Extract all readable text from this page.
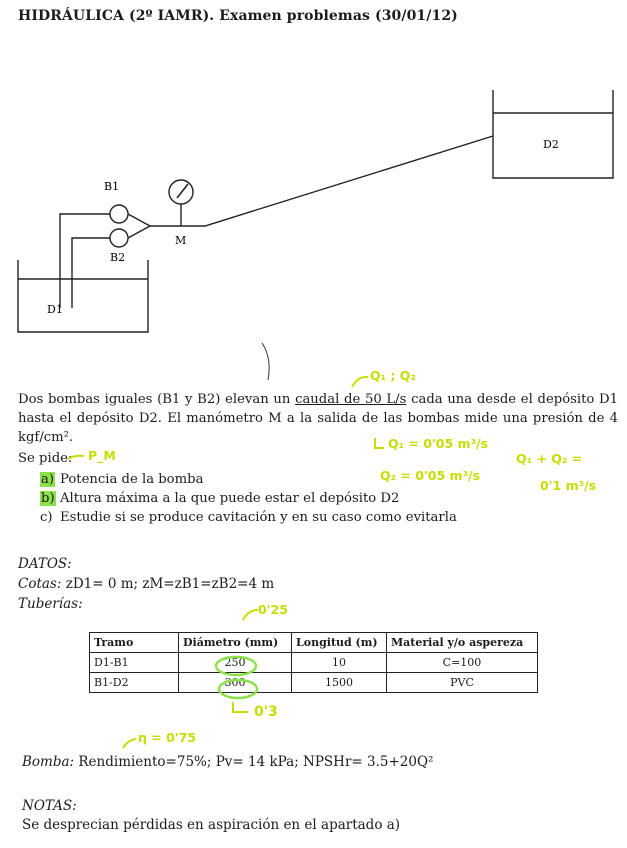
HIDRÁULICA (2º IAMR). Examen problemas (30/01/12)
B1
B2
M
D1
D2
Dos bombas iguales (B1 y B2) elevan un caudal de 50 L/s cada una desde el depósito D1 hasta el depósito D2. El manómetro M a la salida de las bombas mide una presión de 4 kgf/cm².
Se pide:
a) Potencia de la bomba
b) Altura máxima a la que puede estar el depósito D2
c) Estudie si se produce cavitación y en su caso como evitarla
DATOS:
Cotas: zD1= 0 m; zM=zB1=zB2=4 m
Tuberías:
Tramo	Diámetro (mm)	Longitud (m)	Material y/o aspereza
D1-B1	250	10	C=100
B1-D2	300	1500	PVC
Q₁ ; Q₂
Q₁ = 0'05 m³/s
Q₂ = 0'05 m³/s
Q₁ + Q₂ =
0'1 m³/s
P_M
0'25
0'3
η = 0'75
Bomba: Rendimiento=75%; Pv= 14 kPa; NPSHr= 3.5+20Q²
NOTAS:
Se desprecian pérdidas en aspiración en el apartado a)
